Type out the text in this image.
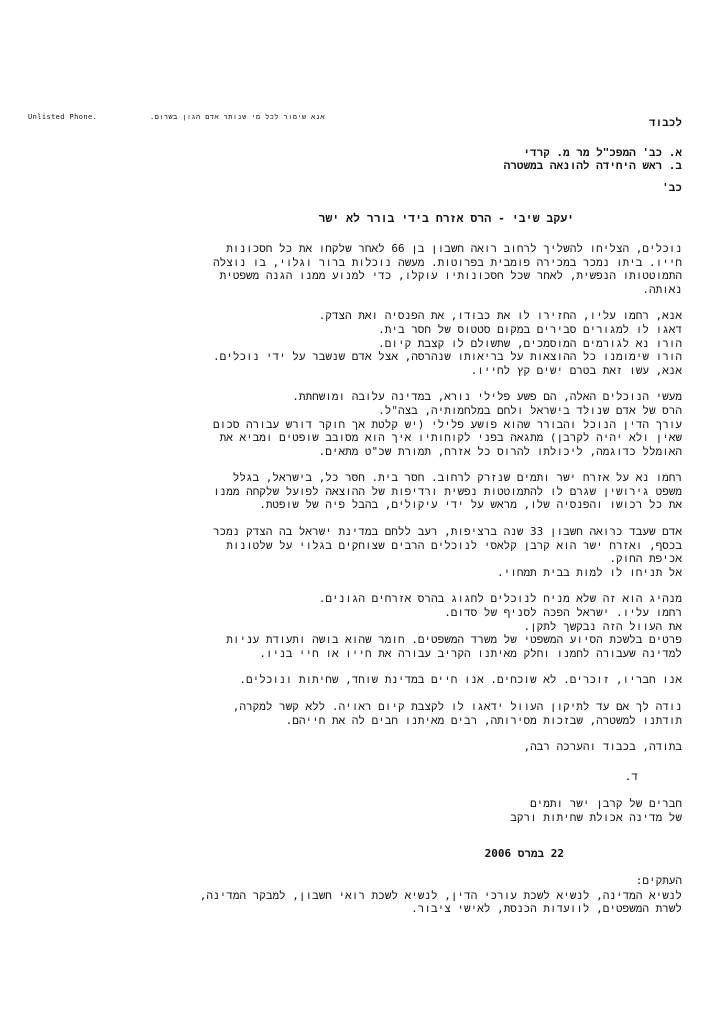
Unlisted Phone.	אנא שימור לכל מי שנותר אדם הגון בשרום.	לכבוד

א. כב' המפכ"ל מר מ. קרדי
ב. ראש היחידה להונאה במשטרה

כב'

יעקב שיבי - הרס אזרח בידי בורר לא ישר

נוכלים, הצליחו להשליך לרחוב רואה חשבון בן 66 לאחר שלקחו את כל חסכונות
חייו. ביתו נמכר במכירה פומבית בפרוטות. מעשה נוכלות ברור וגלוי, בו נוצלה
התמוטטותו הנפשית, לאחר שכל חסכונותיו עוקלו, כדי למנוע ממנו הגנה משפטית
נאותה.
אנא, רחמו עליו, החזירו לו את כבודו, את הפנסיה ואת הצדק.
דאגו לו למגורים סבירים במקום סטטוס של חסר בית.
הורו נא לגורמים המוסמכים, שתשולם לו קצבת קיום.
הורו שימומנו כל ההוצאות על בריאותו שנהרסה, אצל אדם שנשבר על ידי נוכלים.
אנא, עשו זאת בטרם ישים קץ לחייו.
מעשי הנוכלים האלה, הם פשע פלילי נורא, במדינה עלובה ומושחתת.
הרס של אדם שנולד בישראל ולחם במלחמותיה, בצה"ל.
עורך הדין הנוכל והבורר שהוא פושע פלילי (יש קלטת אך חוקר דורש עבורה סכום
שאין ולא יהיה לקרבן) מתגאה בפני לקוחותיו איך הוא מסובב שופטים ומביא את
האומלל כדוגמה, ליכולתו להרוס כל אזרח, תמורת שכ"ט מתאים.
רחמו נא על אזרח ישר ותמים שנזרק לרחוב. חסר בית. חסר כל, בישראל, בגלל
משפט גירושין שגרם לו להתמוטטות נפשית ורדיפות של ההוצאה לפועל שלקחה ממנו
את כל רכושו והפנסיה שלו, מראש על ידי עיקולים, בהבל פיה של שופטת.
אדם שעבד כרואה חשבון 33 שנה ברציפות, רעב ללחם במדינת ישראל בה הצדק נמכר
בכסף, ואזרח ישר הוא קרבן קלאסי לנוכלים הרבים שצוחקים בגלוי על שלטונות
אכיפת החוק.
אל תניחו לו למות בבית תמחוי.
מנהיג הוא זה שלא מניח לנוכלים לחגוג בהרס אזרחים הגונים.
רחמו עליו. ישראל הפכה לסניף של סדום.
את העוול הזה נבקשך לתקן.
פרטים בלשכת הסיוע המשפטי של משרד המשפטים. חומר שהוא בושה ותעודת עניות
למדינה שעבורה לחמנו וחלק מאיתנו הקריב עבורה את חייו או חיי בניו.
אנו חבריו, זוכרים. לא שוכחים. אנו חיים במדינת שוחד, שחיתות ונוכלים.
נודה לך אם עד לתיקון העוול ידאגו לו לקצבת קיום ראויה. ללא קשר למקרה,
תודתנו למשטרה, שבזכות מסירותה, רבים מאיתנו חבים לה את חייהם.

בתודה, בכבוד והערכה רבה,

ד.

חברים של קרבן ישר ותמים
של מדינה אכולת שחיתות ורקב

22 במרס 2006

העתקים:

לנשיא המדינה, לנשיא לשכת עורכי הדין, לנשיא לשכת רואי חשבון, למבקר המדינה,
לשרת המשפטים, לוועדות הכנסת, לאישי ציבור.
